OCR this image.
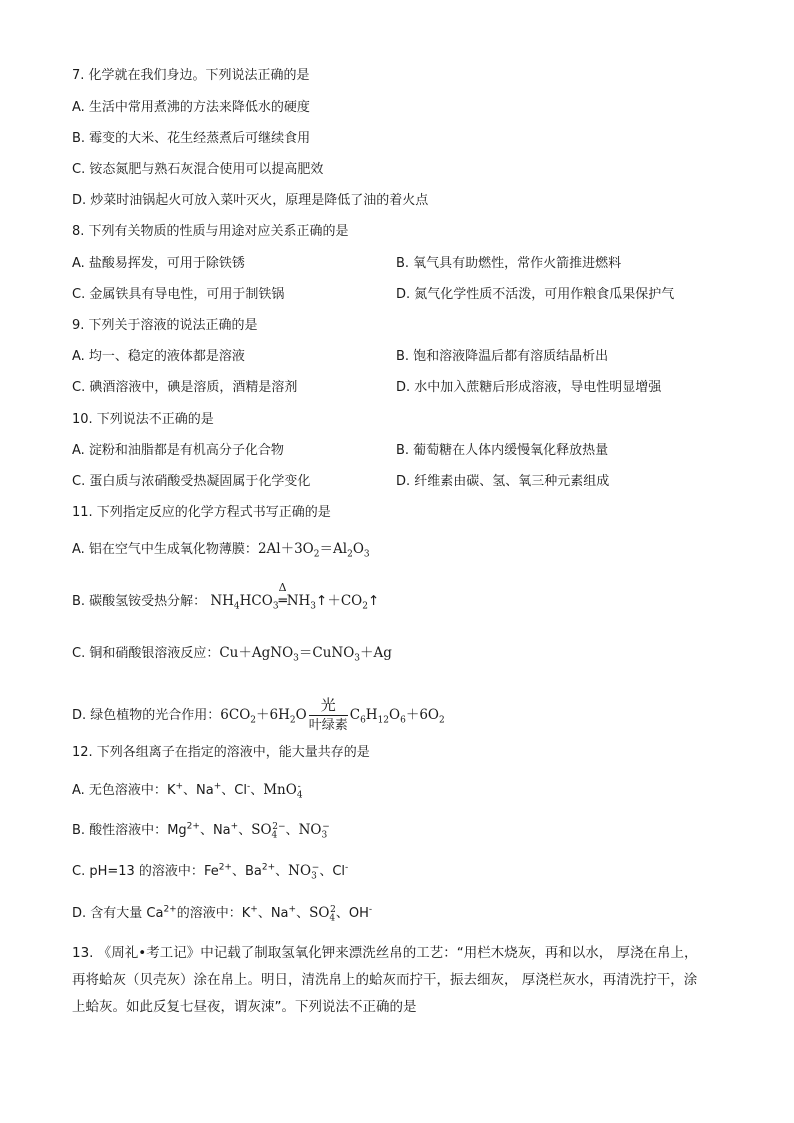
7. 化学就在我们身边。下列说法正确的是
A. 生活中常用煮沸的方法来降低水的硬度
B. 霉变的大米、花生经蒸煮后可继续食用
C. 铵态氮肥与熟石灰混合使用可以提高肥效
D. 炒菜时油锅起火可放入菜叶灭火，原理是降低了油的着火点
8. 下列有关物质的性质与用途对应关系正确的是
A. 盐酸易挥发，可用于除铁锈	B. 氧气具有助燃性，常作火箭推进燃料
C. 金属铁具有导电性，可用于制铁锅	D. 氮气化学性质不活泼，可用作粮食瓜果保护气
9. 下列关于溶液的说法正确的是
A. 均一、稳定的液体都是溶液	B. 饱和溶液降温后都有溶质结晶析出
C. 碘酒溶液中，碘是溶质，酒精是溶剂	D. 水中加入蔗糖后形成溶液，导电性明显增强
10. 下列说法不正确的是
A. 淀粉和油脂都是有机高分子化合物	B. 葡萄糖在人体内缓慢氧化释放热量
C. 蛋白质与浓硝酸受热凝固属于化学变化	D. 纤维素由碳、氢、氧三种元素组成
11. 下列指定反应的化学方程式书写正确的是
A. 铝在空气中生成氧化物薄膜：$2Al+3O_2=Al_2O_3$
B. 碳酸氢铵受热分解： $NH_4HCO_3$
Δ
$═NH_3↑+CO_2↑$
C. 铜和硝酸银溶液反应：Cu＋AgNO$_3$＝CuNO$_3$＋Ag
D. 绿色植物的光合作用：$6CO_2+6H_2O \frac{\text{光}}{\text{叶绿素}} C_6H_{12}O_6+6O_2$
12. 下列各组离子在指定的溶液中，能大量共存的是
A. 无色溶液中：K+、Na+、Cl-、MnO$_4$-
B. 酸性溶液中：$Mg^{2+}$、Na+、$SO_4^{2-}$、$NO_3^-$
C. pH=13 的溶液中：$Fe^{2+}$、$Ba^{2+}$、$NO_3^-$、Cl-
D. 含有大量 $Ca^{2+}$的溶液中：K+、Na+、$SO_4^2$、OH-
13. 《周礼•考工记》中记载了制取氢氧化钾来漂洗丝帛的工艺：“用栏木烧灰，再和以水， 厚浇在帛上，
再将蛤灰（贝壳灰）涂在帛上。明日，清洗帛上的蛤灰而拧干，振去细灰， 厚浇栏灰水，再清洗拧干，涂
上蛤灰。如此反复七昼夜，谓灰涑”。下列说法不正确的是
